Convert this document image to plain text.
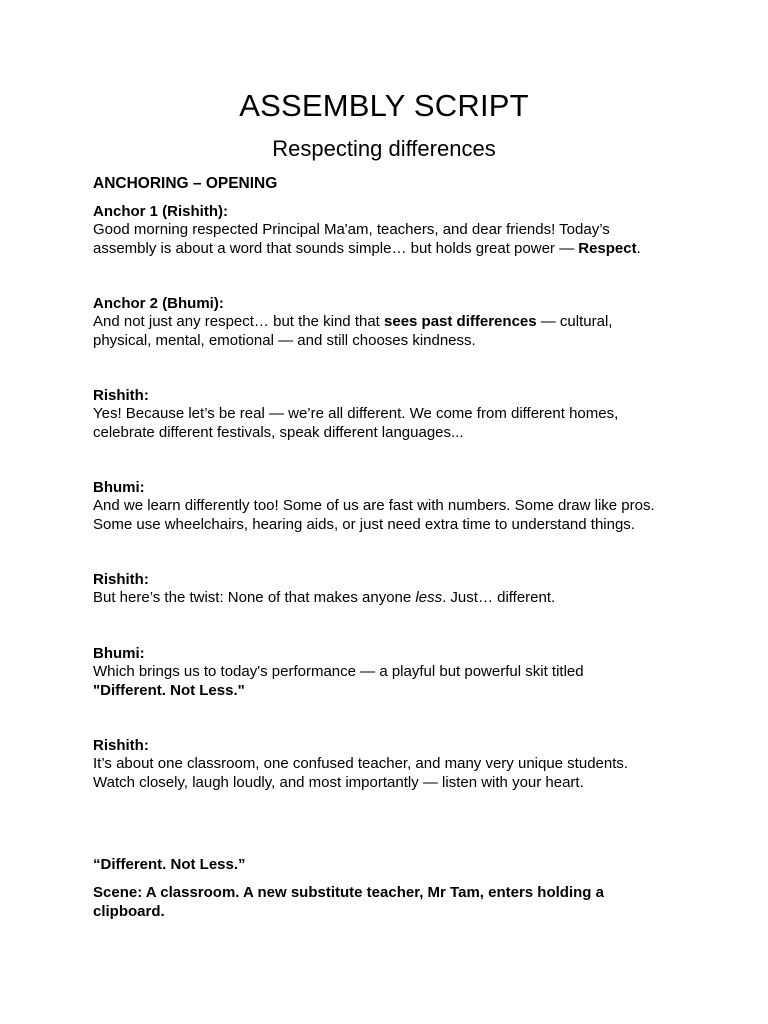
ASSEMBLY SCRIPT
Respecting differences
ANCHORING – OPENING
Anchor 1 (Rishith):
Good morning respected Principal Ma'am, teachers, and dear friends! Today’s
assembly is about a word that sounds simple… but holds great power — Respect.
Anchor 2 (Bhumi):
And not just any respect… but the kind that sees past differences — cultural,
physical, mental, emotional — and still chooses kindness.
Rishith:
Yes! Because let’s be real — we’re all different. We come from different homes,
celebrate different festivals, speak different languages...
Bhumi:
And we learn differently too! Some of us are fast with numbers. Some draw like pros.
Some use wheelchairs, hearing aids, or just need extra time to understand things.
Rishith:
But here’s the twist: None of that makes anyone less. Just… different.
Bhumi:
Which brings us to today's performance — a playful but powerful skit titled
"Different. Not Less."
Rishith:
It’s about one classroom, one confused teacher, and many very unique students.
Watch closely, laugh loudly, and most importantly — listen with your heart.
“Different. Not Less.”
Scene: A classroom. A new substitute teacher, Mr Tam, enters holding a
clipboard.
